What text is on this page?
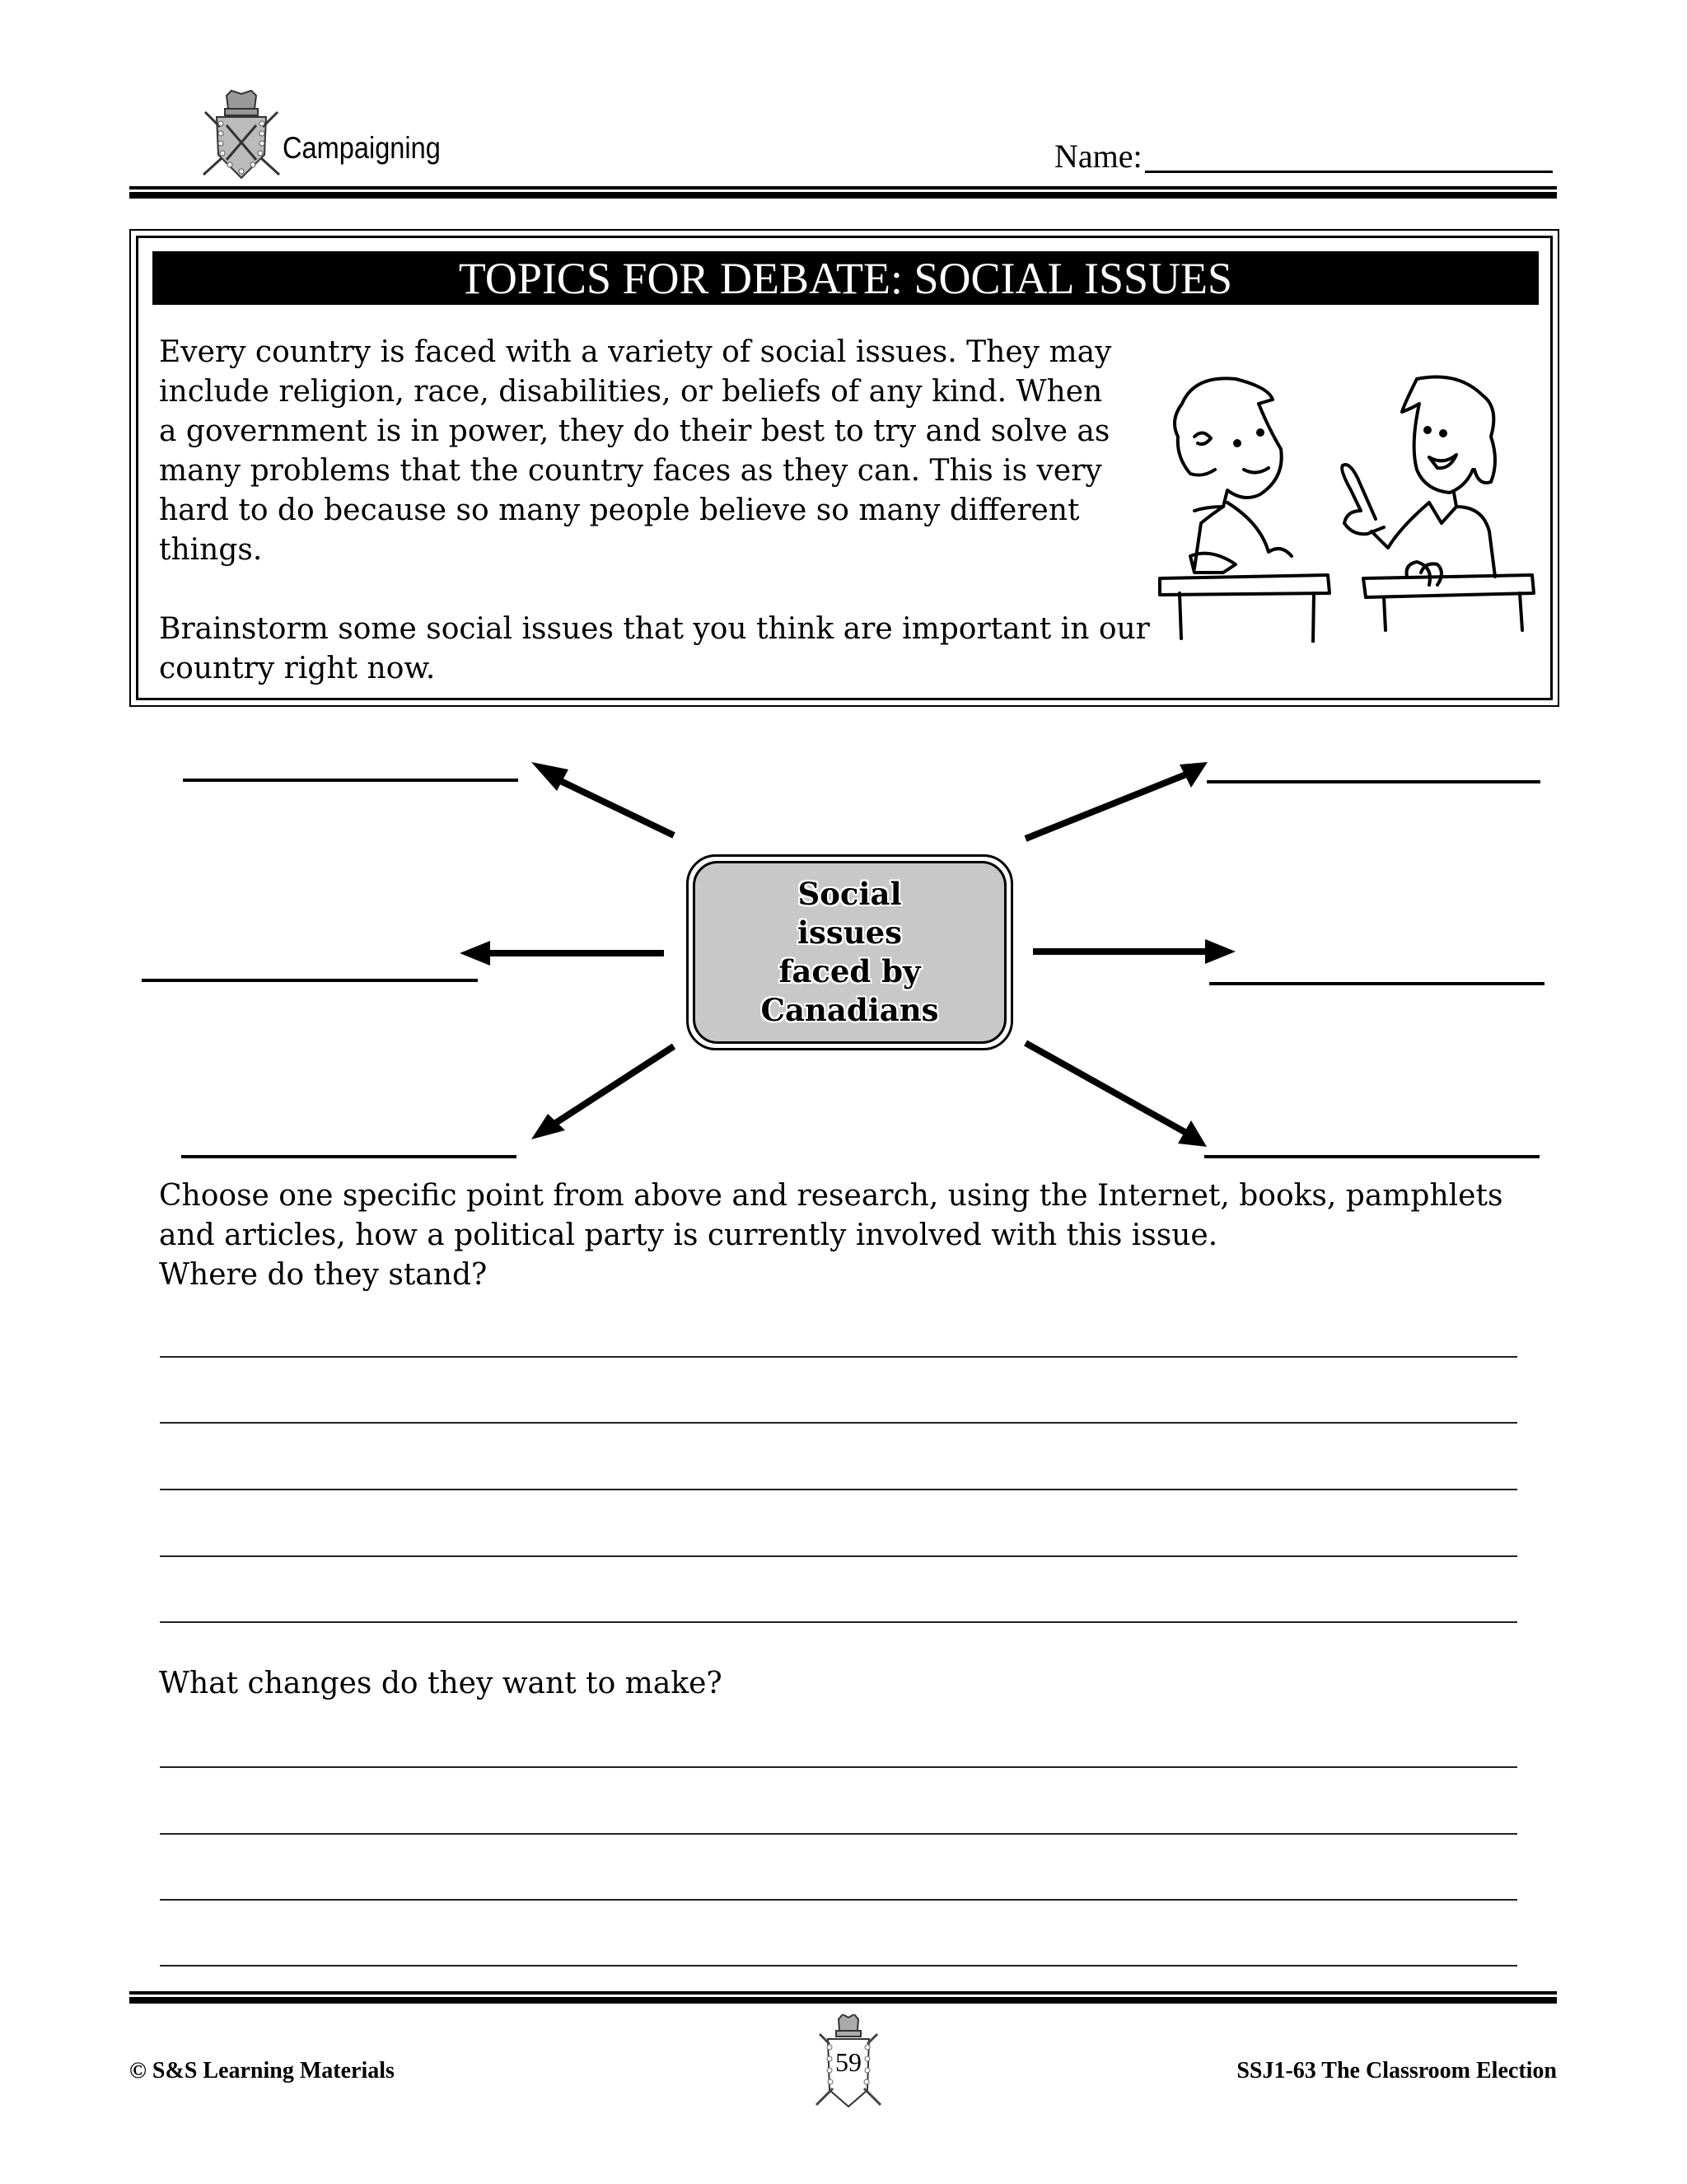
Campaigning	Name:
TOPICS FOR DEBATE: SOCIAL ISSUES
Every country is faced with a variety of social issues. They may
include religion, race, disabilities, or beliefs of any kind. When
a government is in power, they do their best to try and solve as
many problems that the country faces as they can. This is very
hard to do because so many people believe so many different
things.
Brainstorm some social issues that you think are important in our
country right now.
Social issues
faced by
Canadians
Choose one specific point from above and research, using the Internet, books, pamphlets
and articles, how a political party is currently involved with this issue.
Where do they stand?
What changes do they want to make?
© S&S Learning Materials	59	SSJ1-63 The Classroom Election
